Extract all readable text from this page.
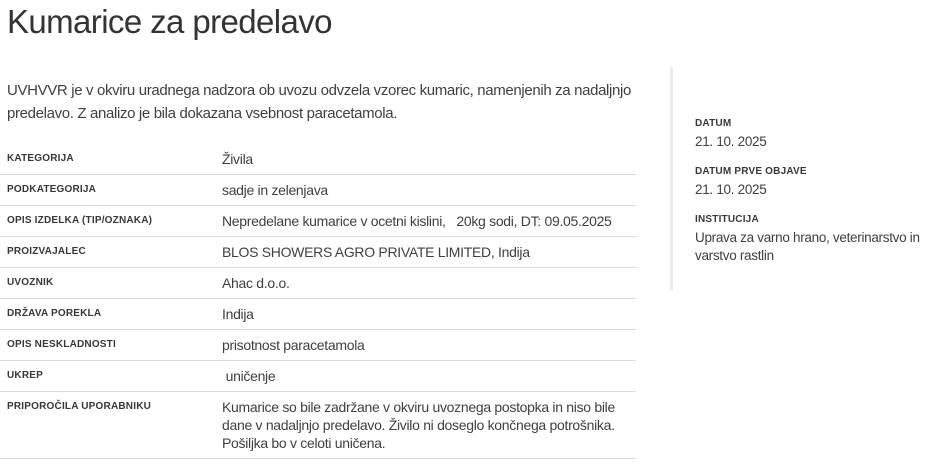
Kumarice za predelavo

UVHVVR je v okviru uradnega nadzora ob uvozu odvzela vzorec kumaric, namenjenih za nadaljnjo predelavo. Z analizo je bila dokazana vsebnost paracetamola.

KATEGORIJA	Živila
PODKATEGORIJA	sadje in zelenjava
OPIS IZDELKA (TIP/OZNAKA)	Nepredelane kumarice v ocetni kislini,   20kg sodi, DT: 09.05.2025
PROIZVAJALEC	BLOS SHOWERS AGRO PRIVATE LIMITED, Indija
UVOZNIK	Ahac d.o.o.
DRŽAVA POREKLA	Indija
OPIS NESKLADNOSTI	prisotnost paracetamola
UKREP	uničenje
PRIPOROČILA UPORABNIKU	Kumarice so bile zadržane v okviru uvoznega postopka in niso bile dane v nadaljnjo predelavo. Živilo ni doseglo končnega potrošnika. Pošiljka bo v celoti uničena.
DATUM
21. 10. 2025
DATUM PRVE OBJAVE
21. 10. 2025
INSTITUCIJA
Uprava za varno hrano, veterinarstvo in varstvo rastlin
